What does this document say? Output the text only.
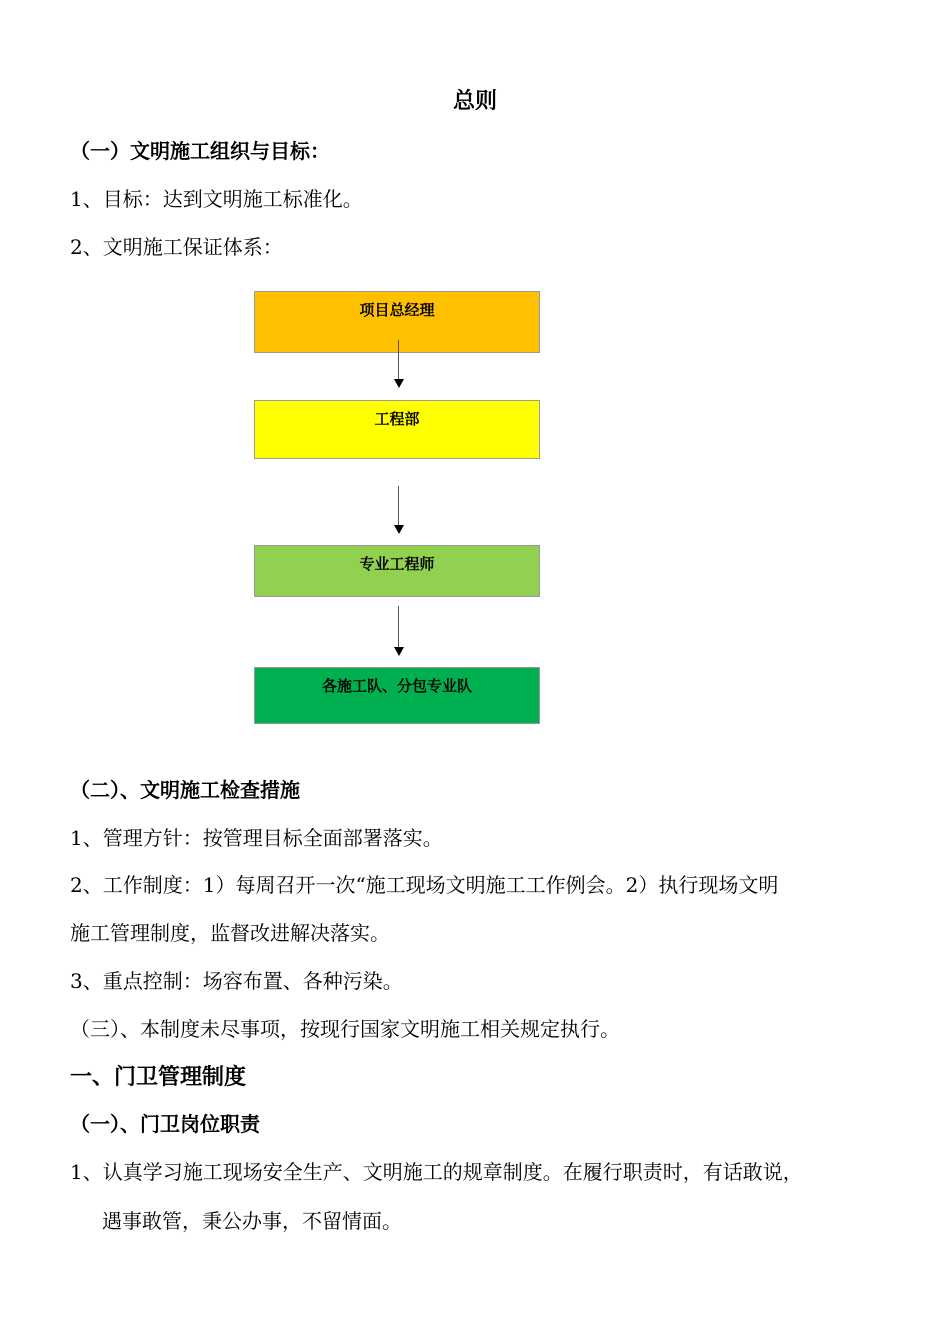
总则
（一）文明施工组织与目标：
1、目标：达到文明施工标准化。
2、文明施工保证体系：
项目总经理
工程部
专业工程师
各施工队、分包专业队
（二）、文明施工检查措施
1、管理方针：按管理目标全面部署落实。
2、工作制度：1）每周召开一次“施工现场文明施工工作例会。2）执行现场文明
施工管理制度，监督改进解决落实。
3、重点控制：场容布置、各种污染。
（三）、本制度未尽事项，按现行国家文明施工相关规定执行。
一、门卫管理制度
（一）、门卫岗位职责
1、认真学习施工现场安全生产、文明施工的规章制度。在履行职责时，有话敢说，
遇事敢管，秉公办事，不留情面。
